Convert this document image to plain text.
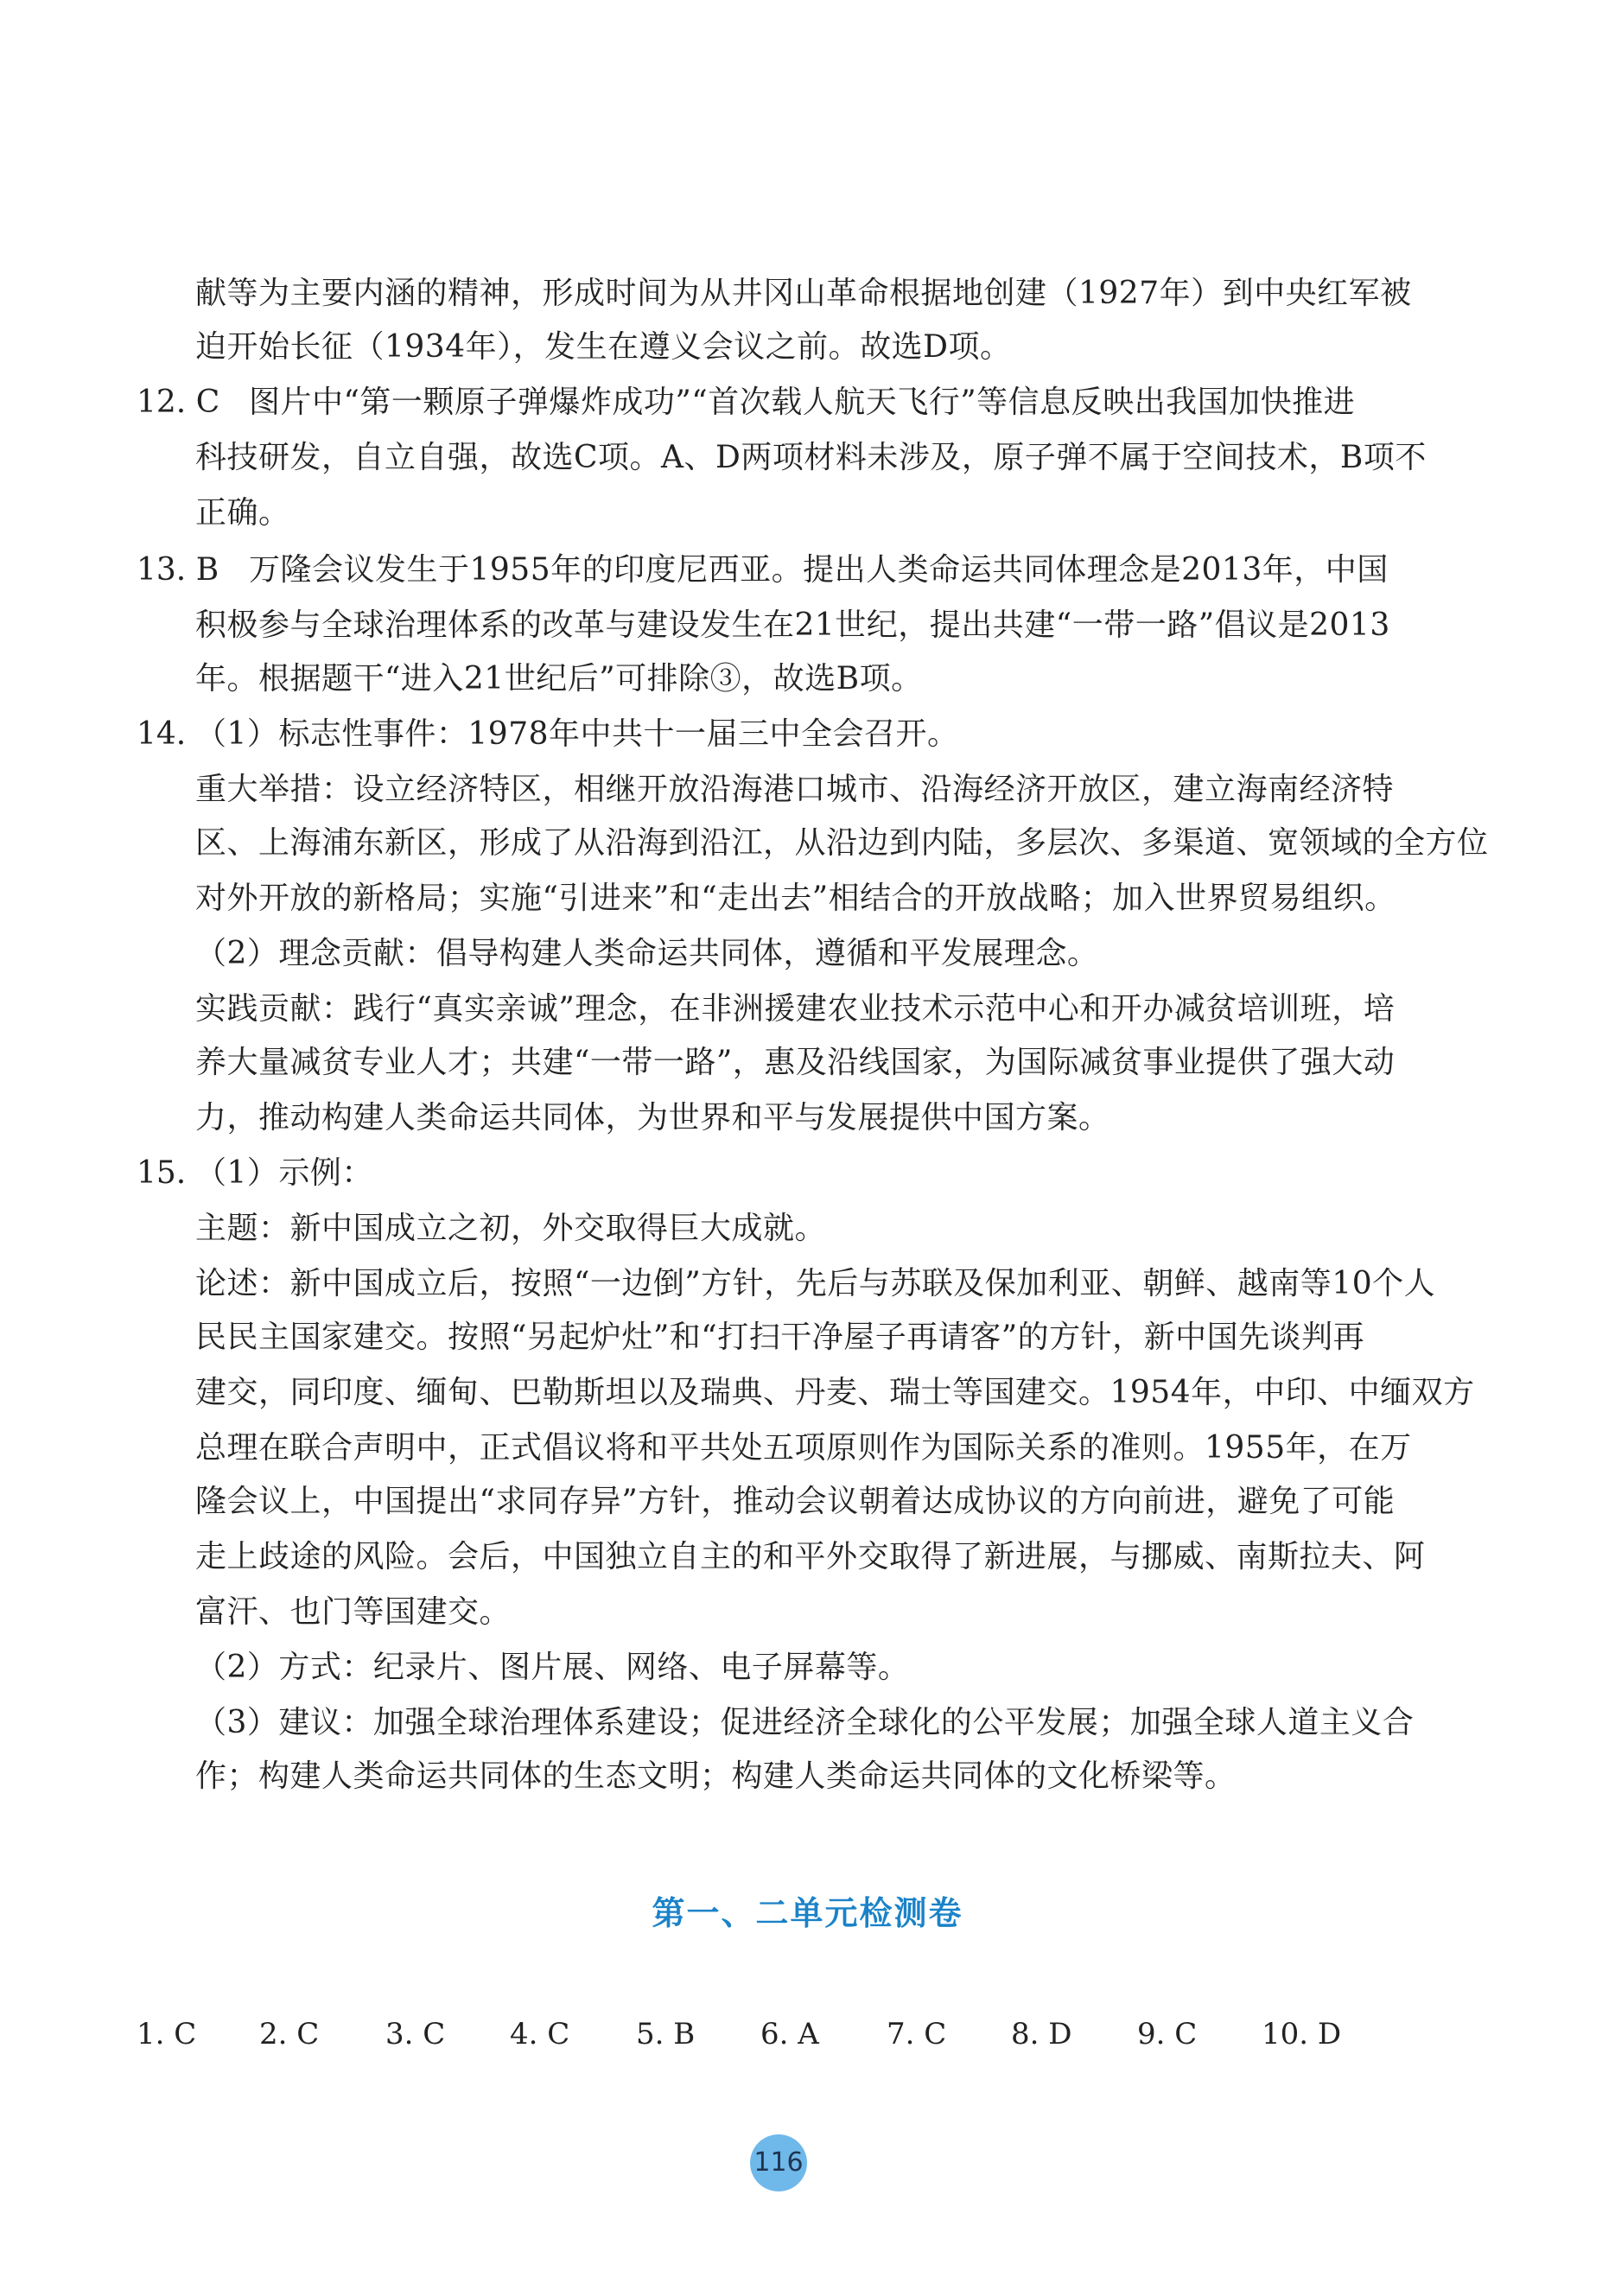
献等为主要内涵的精神，形成时间为从井冈山革命根据地创建（1927年）到中央红军被
迫开始长征（1934年），发生在遵义会议之前。故选D项。
12. C 图片中“第一颗原子弹爆炸成功”“首次载人航天飞行”等信息反映出我国加快推进
科技研发，自立自强，故选C项。A、D两项材料未涉及，原子弹不属于空间技术，B项不
正确。
13. B 万隆会议发生于1955年的印度尼西亚。提出人类命运共同体理念是2013年，中国
积极参与全球治理体系的改革与建设发生在21世纪，提出共建“一带一路”倡议是2013
年。根据题干“进入21世纪后”可排除③，故选B项。
14. （1）标志性事件：1978年中共十一届三中全会召开。
重大举措：设立经济特区，相继开放沿海港口城市、沿海经济开放区，建立海南经济特
区、上海浦东新区，形成了从沿海到沿江，从沿边到内陆，多层次、多渠道、宽领域的全方位
对外开放的新格局；实施“引进来”和“走出去”相结合的开放战略；加入世界贸易组织。
（2）理念贡献：倡导构建人类命运共同体，遵循和平发展理念。
实践贡献：践行“真实亲诚”理念，在非洲援建农业技术示范中心和开办减贫培训班，培
养大量减贫专业人才；共建“一带一路”，惠及沿线国家，为国际减贫事业提供了强大动
力，推动构建人类命运共同体，为世界和平与发展提供中国方案。
15. （1）示例：
主题：新中国成立之初，外交取得巨大成就。
论述：新中国成立后，按照“一边倒”方针，先后与苏联及保加利亚、朝鲜、越南等10个人
民民主国家建交。按照“另起炉灶”和“打扫干净屋子再请客”的方针，新中国先谈判再
建交，同印度、缅甸、巴勒斯坦以及瑞典、丹麦、瑞士等国建交。1954年，中印、中缅双方
总理在联合声明中，正式倡议将和平共处五项原则作为国际关系的准则。1955年，在万
隆会议上，中国提出“求同存异”方针，推动会议朝着达成协议的方向前进，避免了可能
走上歧途的风险。会后，中国独立自主的和平外交取得了新进展，与挪威、南斯拉夫、阿
富汗、也门等国建交。
（2）方式：纪录片、图片展、网络、电子屏幕等。
（3）建议：加强全球治理体系建设；促进经济全球化的公平发展；加强全球人道主义合
作；构建人类命运共同体的生态文明；构建人类命运共同体的文化桥梁等。
第一、二单元检测卷
1. C 2. C 3. C 4. C 5. B 6. A 7. C 8. D 9. C 10. D
116
